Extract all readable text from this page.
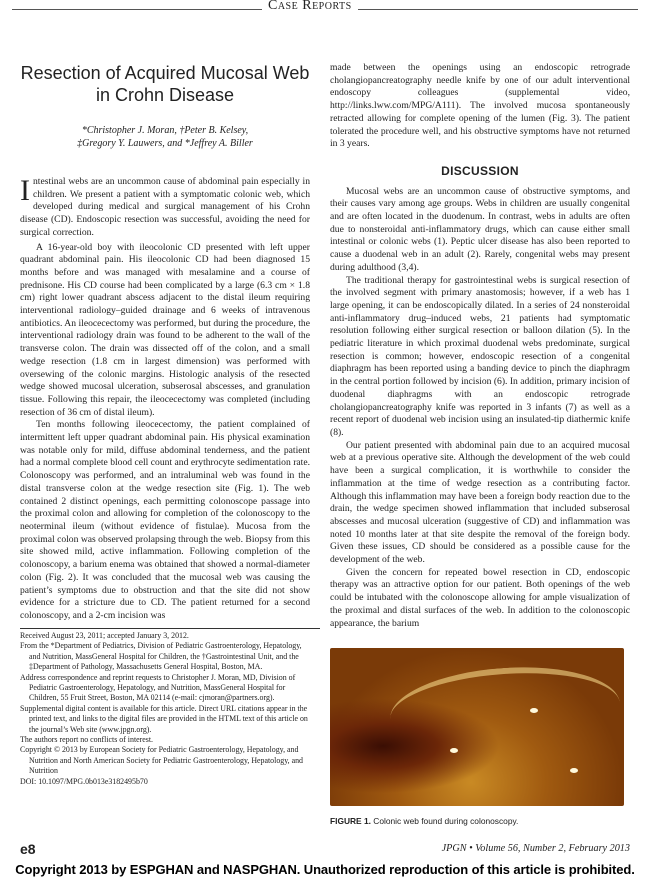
Case Reports
Resection of Acquired Mucosal Web in Crohn Disease
*Christopher J. Moran, †Peter B. Kelsey,
‡Gregory Y. Lauwers, and *Jeffrey A. Biller

Intestinal webs are an uncommon cause of abdominal pain especially in children. We present a patient with a symptomatic colonic web, which developed during medical and surgical management of his Crohn disease (CD). Endoscopic resection was successful, avoiding the need for surgical correction.

A 16-year-old boy with ileocolonic CD presented with left upper quadrant abdominal pain. His ileocolonic CD had been diagnosed 15 months before and was managed with mesalamine and a course of prednisone. His CD course had been complicated by a large (6.3 cm × 1.8 cm) right lower quadrant abscess adjacent to the distal ileum requiring interventional radiology–guided drainage and 6 weeks of intravenous antibiotics. An ileocecectomy was performed, but during the procedure, the interventional radiology drain was found to be adherent to the wall of the transverse colon. The drain was dissected off of the colon, and a small wedge resection (1.8 cm in largest dimension) was performed with oversewing of the colonic margins. Histologic analysis of the resected wedge showed mucosal ulceration, subserosal abscesses, and granulation tissue. Following this repair, the ileocecectomy was completed (including resection of 36 cm of distal ileum).

Ten months following ileocecectomy, the patient complained of intermittent left upper quadrant abdominal pain. His physical examination was notable only for mild, diffuse abdominal tenderness, and the patient had a normal complete blood cell count and erythrocyte sedimentation rate. Colonoscopy was performed, and an intraluminal web was found in the distal transverse colon at the wedge resection site (Fig. 1). The web contained 2 distinct openings, each permitting colonoscope passage into the proximal colon and allowing for completion of the colonoscopy to the neoterminal ileum (without evidence of fistulae). Mucosa from the proximal colon was observed prolapsing through the web. Biopsy from this site showed mild, active inflammation. Following completion of the colonoscopy, a barium enema was obtained that showed a normal-diameter colon (Fig. 2). It was concluded that the mucosal web was causing the patient’s symptoms due to obstruction and that the site did not show evidence for a stricture due to CD. The patient returned for a second colonoscopy, and a 2-cm incision was

Received August 23, 2011; accepted January 3, 2012.

From the *Department of Pediatrics, Division of Pediatric Gastroenterology, Hepatology, and Nutrition, MassGeneral Hospital for Children, the †Gastrointestinal Unit, and the ‡Department of Pathology, Massachusetts General Hospital, Boston, MA.

Address correspondence and reprint requests to Christopher J. Moran, MD, Division of Pediatric Gastroenterology, Hepatology, and Nutrition, MassGeneral Hospital for Children, 55 Fruit Street, Boston, MA 02114 (e-mail: cjmoran@partners.org).

Supplemental digital content is available for this article. Direct URL citations appear in the printed text, and links to the digital files are provided in the HTML text of this article on the journal’s Web site (www.jpgn.org).

The authors report no conflicts of interest.

Copyright © 2013 by European Society for Pediatric Gastroenterology, Hepatology, and Nutrition and North American Society for Pediatric Gastroenterology, Hepatology, and Nutrition

DOI: 10.1097/MPG.0b013e3182495b70

made between the openings using an endoscopic retrograde cholangiopancreatography needle knife by one of our adult interventional endoscopy colleagues (supplemental video, http://links.lww.com/MPG/A111). The involved mucosa spontaneously retracted allowing for complete opening of the lumen (Fig. 3). The patient tolerated the procedure well, and his obstructive symptoms have not returned in 3 years.

DISCUSSION

Mucosal webs are an uncommon cause of obstructive symptoms, and their causes vary among age groups. Webs in children are usually congenital and are often located in the duodenum. In contrast, webs in adults are often due to nonsteroidal anti-inflammatory drugs, which can cause either small intestinal or colonic webs (1). Peptic ulcer disease has also been reported to cause a duodenal web in an adult (2). Rarely, congenital webs may present during adulthood (3,4).

The traditional therapy for gastrointestinal webs is surgical resection of the involved segment with primary anastomosis; however, if a web has 1 large opening, it can be endoscopically dilated. In a series of 24 nonsteroidal anti-inflammatory drug–induced webs, 21 patients had symptomatic resolution following either surgical resection or balloon dilation (5). In the pediatric literature in which proximal duodenal webs predominate, surgical resection is common; however, endoscopic resection of a congenital diaphragm has been reported using a banding device to pinch the diaphragm in the central portion followed by incision (6). In addition, primary incision of duodenal diaphragms with an endoscopic retrograde cholangiopancreatography knife was reported in 3 infants (7) as well as a recent report of duodenal web incision using an insulated-tip diathermic knife (8).

Our patient presented with abdominal pain due to an acquired mucosal web at a previous operative site. Although the development of the web could have been a surgical complication, it is worthwhile to consider the inflammation at the time of wedge resection as a contributing factor. Although this inflammation may have been a foreign body reaction due to the drain, the wedge specimen showed inflammation that included subserosal abscesses and mucosal ulceration (suggestive of CD) and inflammation was noted 10 months later at that site despite the removal of the foreign body. Given these issues, CD should be considered as a possible cause for the development of the web.

Given the concern for repeated bowel resection in CD, endoscopic therapy was an attractive option for our patient. Both openings of the web could be intubated with the colonoscope allowing for ample visualization of the proximal and distal surfaces of the web. In addition to the colonoscopic appearance, the barium

FIGURE 1. Colonic web found during colonoscopy.
e8	JPGN • Volume 56, Number 2, February 2013
Copyright 2013 by ESPGHAN and NASPGHAN. Unauthorized reproduction of this article is prohibited.
